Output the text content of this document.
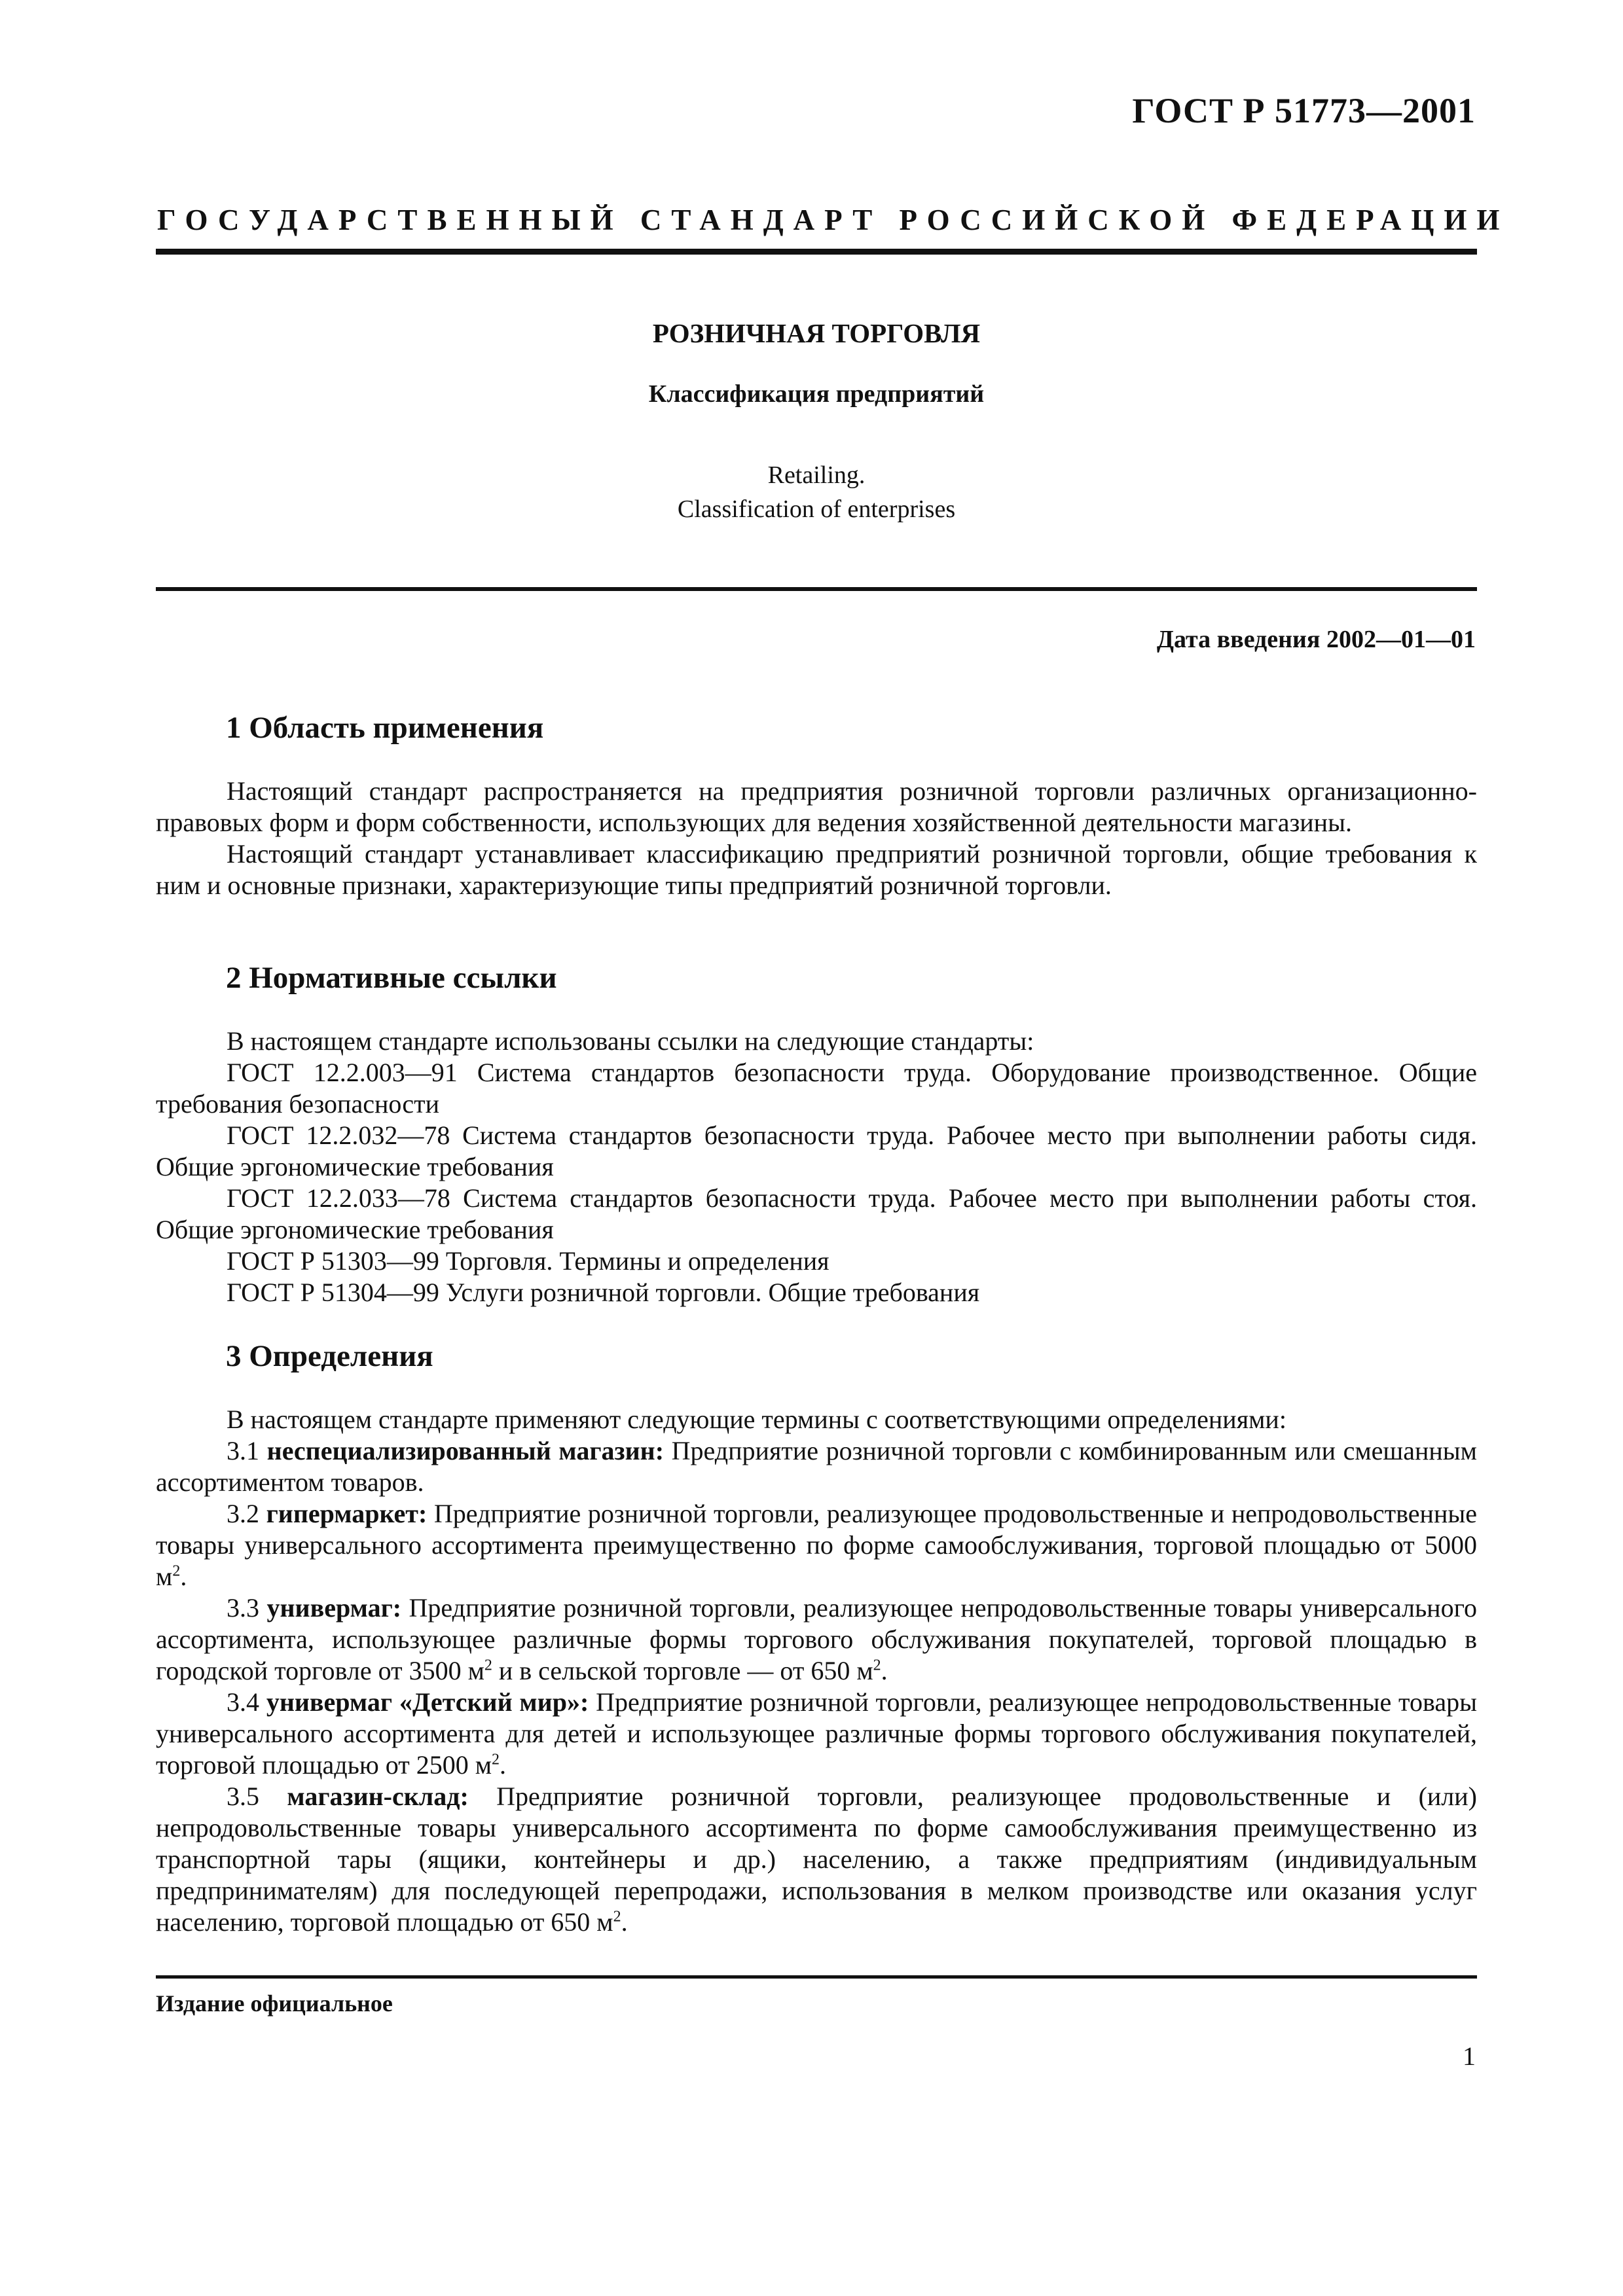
ГОСТ Р 51773—2001
ГОСУДАРСТВЕННЫЙ СТАНДАРТ РОССИЙСКОЙ ФЕДЕРАЦИИ
РОЗНИЧНАЯ ТОРГОВЛЯ
Классификация предприятий
Retailing.
Classification of enterprises
Дата введения 2002—01—01
1 Область применения

Настоящий стандарт распространяется на предприятия розничной торговли различных организационно-правовых форм и форм собственности, использующих для ведения хозяйственной деятельности магазины.

Настоящий стандарт устанавливает классификацию предприятий розничной торговли, общие требования к ним и основные признаки, характеризующие типы предприятий розничной торговли.

2 Нормативные ссылки

В настоящем стандарте использованы ссылки на следующие стандарты:

ГОСТ 12.2.003—91 Система стандартов безопасности труда. Оборудование производственное. Общие требования безопасности

ГОСТ 12.2.032—78 Система стандартов безопасности труда. Рабочее место при выполнении работы сидя. Общие эргономические требования

ГОСТ 12.2.033—78 Система стандартов безопасности труда. Рабочее место при выполнении работы стоя. Общие эргономические требования

ГОСТ Р 51303—99 Торговля. Термины и определения

ГОСТ Р 51304—99 Услуги розничной торговли. Общие требования

3 Определения

В настоящем стандарте применяют следующие термины с соответствующими определениями:

3.1 неспециализированный магазин: Предприятие розничной торговли с комбинированным или смешанным ассортиментом товаров.

3.2 гипермаркет: Предприятие розничной торговли, реализующее продовольственные и непродовольственные товары универсального ассортимента преимущественно по форме самообслуживания, торговой площадью от 5000 $м^2$.

3.3 универмаг: Предприятие розничной торговли, реализующее непродовольственные товары универсального ассортимента, использующее различные формы торгового обслуживания покупателей, торговой площадью в городской торговле от 3500 $м^2$ и в сельской торговле — от 650 $м^2$.

3.4 универмаг «Детский мир»: Предприятие розничной торговли, реализующее непродовольственные товары универсального ассортимента для детей и использующее различные формы торгового обслуживания покупателей, торговой площадью от 2500 $м^2$.

3.5 магазин-склад: Предприятие розничной торговли, реализующее продовольственные и (или) непродовольственные товары универсального ассортимента по форме самообслуживания преимущественно из транспортной тары (ящики, контейнеры и др.) населению, а также предприятиям (индивидуальным предпринимателям) для последующей перепродажи, использования в мелком производстве или оказания услуг населению, торговой площадью от 650 $м^2$.

Издание официальное
1
